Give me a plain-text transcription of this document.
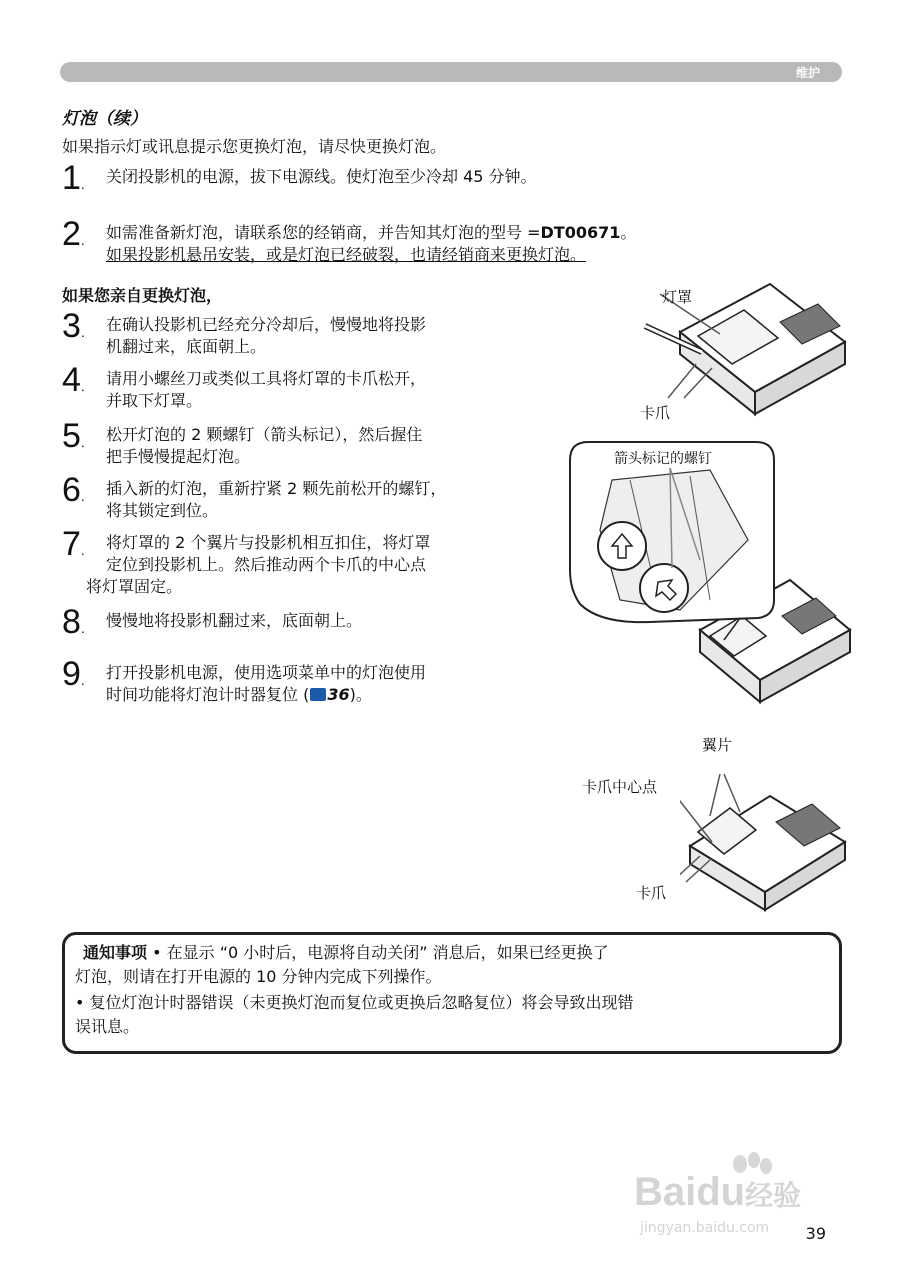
维护
灯泡（续）
如果指示灯或讯息提示您更换灯泡，请尽快更换灯泡。
1. 关闭投影机的电源，拔下电源线。使灯泡至少冷却 45 分钟。
2. 如需准备新灯泡，请联系您的经销商，并告知其灯泡的型号 =DT00671。
如果投影机悬吊安装，或是灯泡已经破裂，也请经销商来更换灯泡。
如果您亲自更换灯泡，
3. 在确认投影机已经充分冷却后，慢慢地将投影
机翻过来，底面朝上。
4. 请用小螺丝刀或类似工具将灯罩的卡爪松开，
并取下灯罩。
5. 松开灯泡的 2 颗螺钉（箭头标记），然后握住
把手慢慢提起灯泡。
6. 插入新的灯泡，重新拧紧 2 颗先前松开的螺钉，
将其锁定到位。
7. 将灯罩的 2 个翼片与投影机相互扣住，将灯罩
定位到投影机上。然后推动两个卡爪的中心点
将灯罩固定。
8. 慢慢地将投影机翻过来，底面朝上。
9. 打开投影机电源，使用选项菜单中的灯泡使用
时间功能将灯泡计时器复位 ( 36)。
灯罩
卡爪
箭头标记的螺钉
翼片
卡爪中心点
卡爪
通知事项 • 在显示 “0 小时后，电源将自动关闭” 消息后，如果已经更换了
灯泡，则请在打开电源的 10 分钟内完成下列操作。
• 复位灯泡计时器错误（未更换灯泡而复位或更换后忽略复位）将会导致出现错
误讯息。
Baidu经验
jingyan.baidu.com 39
